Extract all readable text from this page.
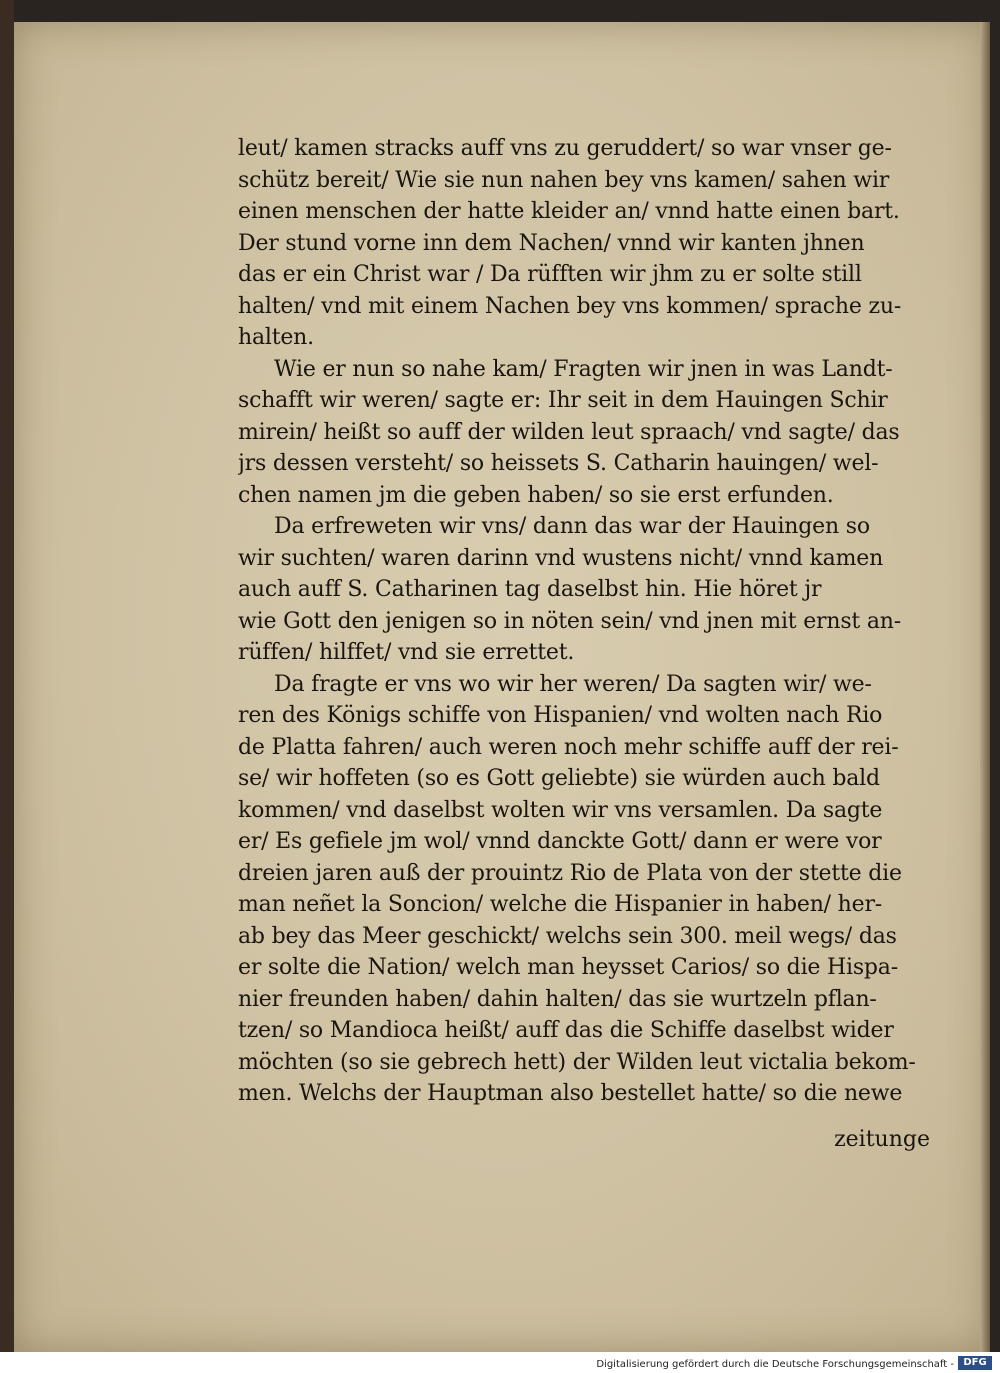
leut/ kamen stracks auff vns zu geruddert/ so war vnser ge-
schütz bereit/ Wie sie nun nahen bey vns kamen/ sahen wir
einen menschen der hatte kleider an/ vnnd hatte einen bart.
Der stund vorne inn dem Nachen/ vnnd wir kanten jhnen
das er ein Christ war / Da rüfften wir jhm zu er solte still
halten/ vnd mit einem Nachen bey vns kommen/ sprache zu-
halten.
Wie er nun so nahe kam/ Fragten wir jnen in was Landt-
schafft wir weren/ sagte er: Ihr seit in dem Hauingen Schir
mirein/ heißt so auff der wilden leut spraach/ vnd sagte/ das
jrs dessen versteht/ so heissets S. Catharin hauingen/ wel-
chen namen jm die geben haben/ so sie erst erfunden.
Da erfreweten wir vns/ dann das war der Hauingen so
wir suchten/ waren darinn vnd wustens nicht/ vnnd kamen
auch auff S. Catharinen tag daselbst hin. Hie höret jr
wie Gott den jenigen so in nöten sein/ vnd jnen mit ernst an-
rüffen/ hilffet/ vnd sie errettet.
Da fragte er vns wo wir her weren/ Da sagten wir/ we-
ren des Königs schiffe von Hispanien/ vnd wolten nach Rio
de Platta fahren/ auch weren noch mehr schiffe auff der rei-
se/ wir hoffeten (so es Gott geliebte) sie würden auch bald
kommen/ vnd daselbst wolten wir vns versamlen. Da sagte
er/ Es gefiele jm wol/ vnnd danckte Gott/ dann er were vor
dreien jaren auß der prouintz Rio de Plata von der stette die
man neñet la Soncion/ welche die Hispanier in haben/ her-
ab bey das Meer geschickt/ welchs sein 300. meil wegs/ das
er solte die Nation/ welch man heysset Carios/ so die Hispa-
nier freunden haben/ dahin halten/ das sie wurtzeln pflan-
tzen/ so Mandioca heißt/ auff das die Schiffe daselbst wider
möchten (so sie gebrech hett) der Wilden leut victalia bekom-
men. Welchs der Hauptman also bestellet hatte/ so die newe
zeitunge
Digitalisierung gefördert durch die Deutsche Forschungsgemeinschaft - DFG
